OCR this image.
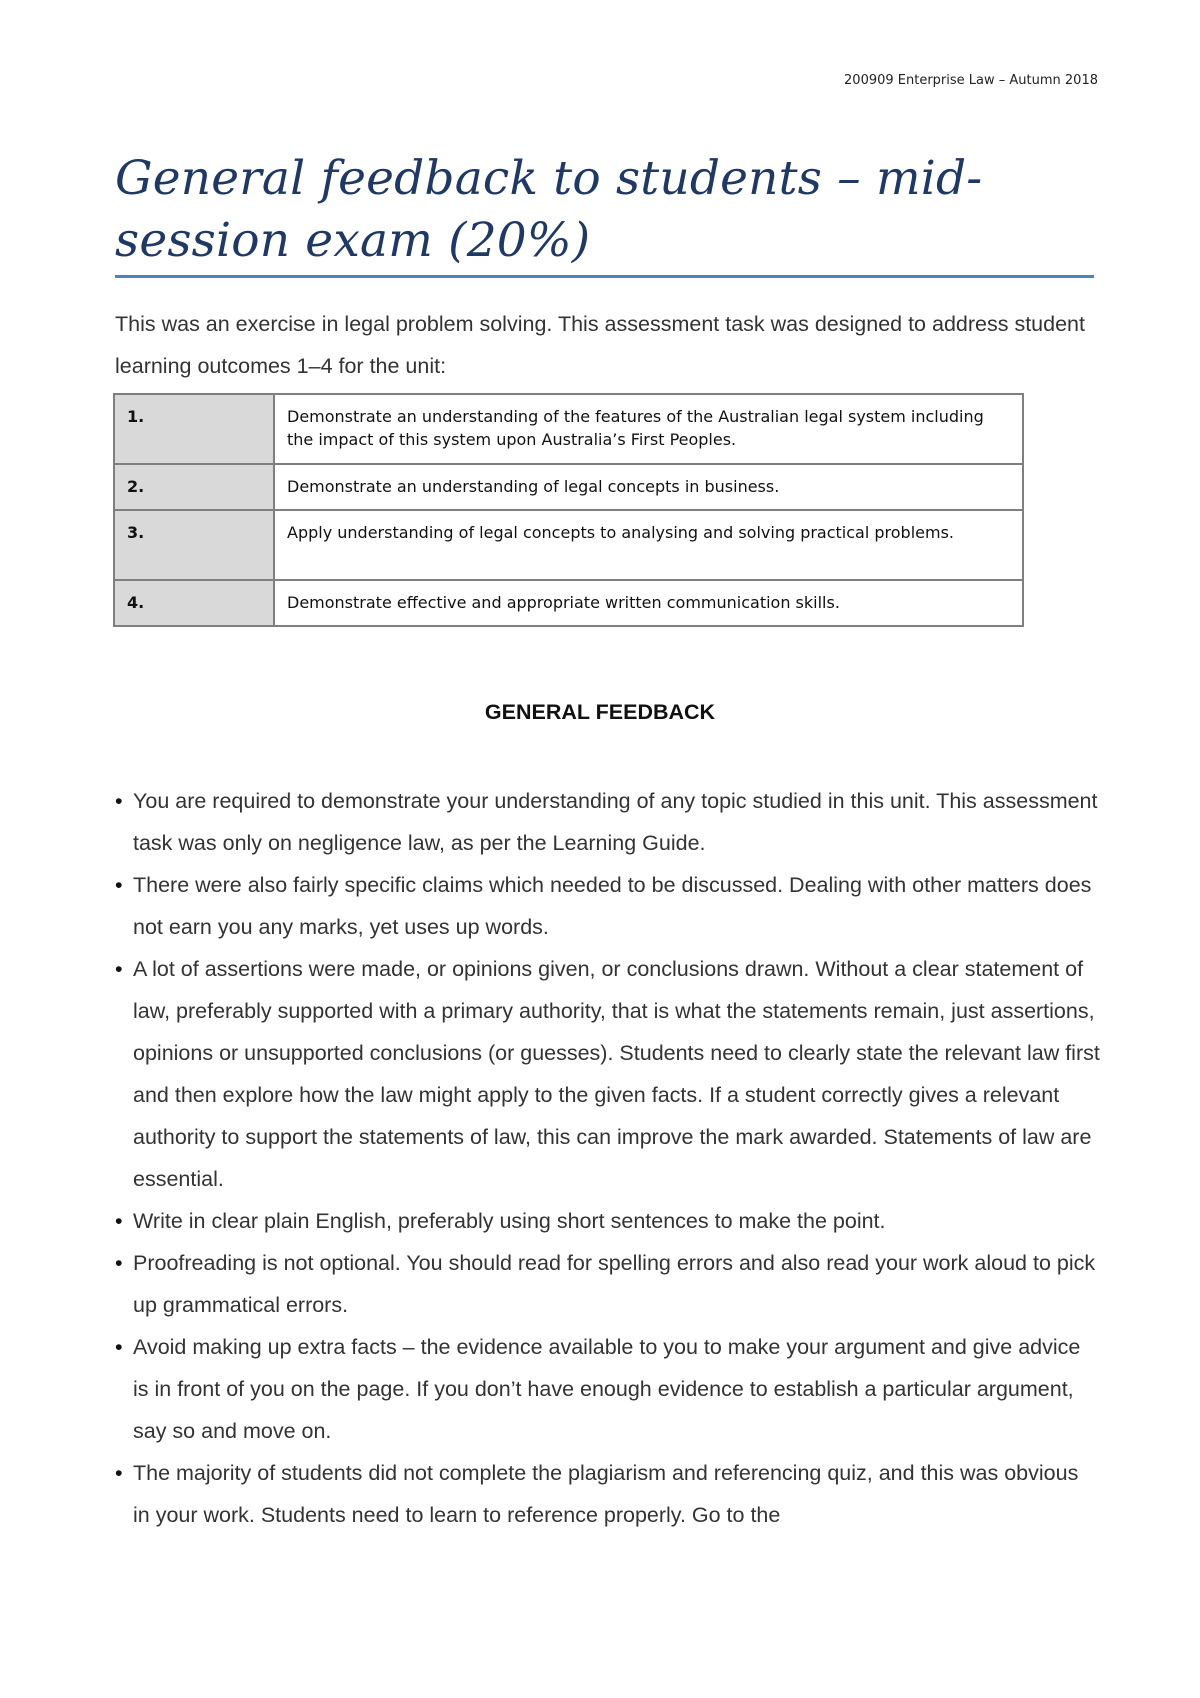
200909 Enterprise Law – Autumn 2018
General feedback to students – mid-session exam (20%)

This was an exercise in legal problem solving. This assessment task was designed to address student learning outcomes 1–4 for the unit:

1.	Demonstrate an understanding of the features of the Australian legal system including the impact of this system upon Australia’s First Peoples.
2.	Demonstrate an understanding of legal concepts in business.
3.	Apply understanding of legal concepts to analysing and solving practical problems.
4.	Demonstrate effective and appropriate written communication skills.
GENERAL FEEDBACK
• You are required to demonstrate your understanding of any topic studied in this unit. This assessment task was only on negligence law, as per the Learning Guide.
• There were also fairly specific claims which needed to be discussed. Dealing with other matters does not earn you any marks, yet uses up words.
• A lot of assertions were made, or opinions given, or conclusions drawn. Without a clear statement of law, preferably supported with a primary authority, that is what the statements remain, just assertions, opinions or unsupported conclusions (or guesses). Students need to clearly state the relevant law first and then explore how the law might apply to the given facts. If a student correctly gives a relevant authority to support the statements of law, this can improve the mark awarded. Statements of law are essential.
• Write in clear plain English, preferably using short sentences to make the point.
• Proofreading is not optional. You should read for spelling errors and also read your work aloud to pick up grammatical errors.
• Avoid making up extra facts – the evidence available to you to make your argument and give advice is in front of you on the page. If you don’t have enough evidence to establish a particular argument, say so and move on.
• The majority of students did not complete the plagiarism and referencing quiz, and this was obvious in your work. Students need to learn to reference properly. Go to the
